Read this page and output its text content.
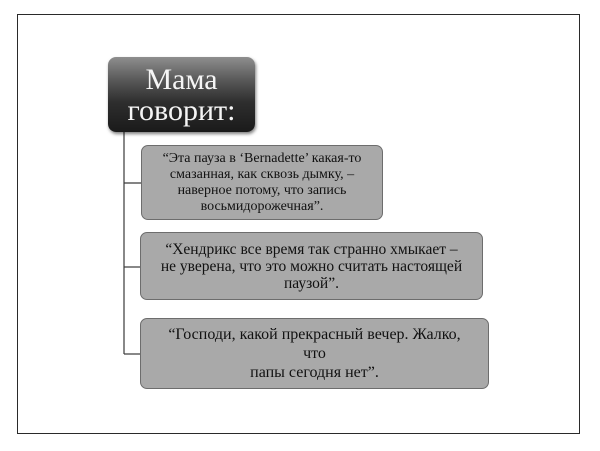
Мама
говорит:
“Эта пауза в ‘Bernadette’ какая-то
смазанная, как сквозь дымку, –
наверное потому, что запись
восьмидорожечная”.
“Хендрикс все время так странно хмыкает –
не уверена, что это можно считать настоящей
паузой”.
“Господи, какой прекрасный вечер. Жалко, что
папы сегодня нет”.
